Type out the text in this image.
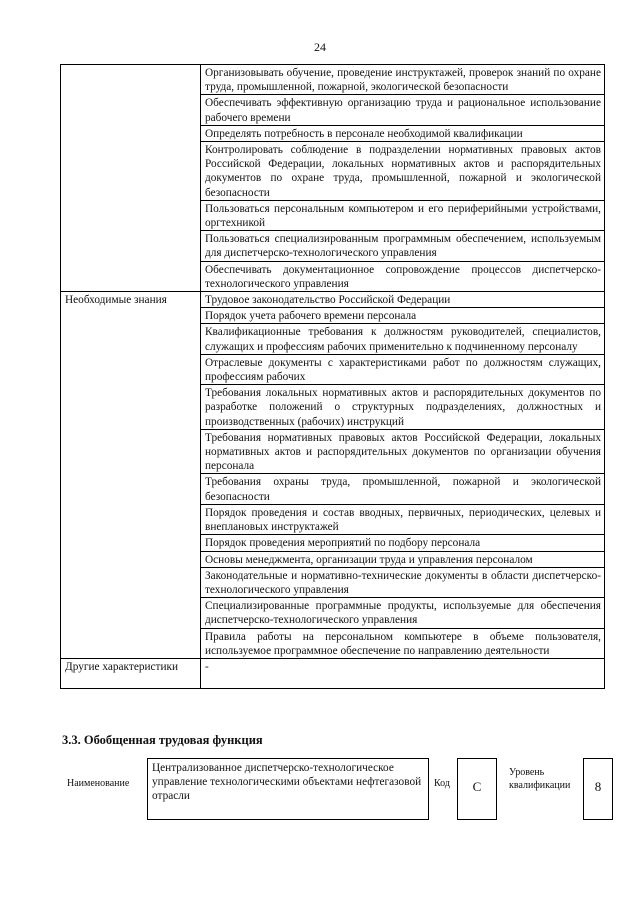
24
	Организовывать обучение, проведение инструктажей, проверок знаний по охране труда, промышленной, пожарной, экологической безопасности
	Обеспечивать эффективную организацию труда и рациональное использование рабочего времени
	Определять потребность в персонале необходимой квалификации
	Контролировать соблюдение в подразделении нормативных правовых актов Российской Федерации, локальных нормативных актов и распорядительных документов по охране труда, промышленной, пожарной и экологической безопасности
	Пользоваться персональным компьютером и его периферийными устройствами, оргтехникой
	Пользоваться специализированным программным обеспечением, используемым для диспетчерско-технологического управления
	Обеспечивать документационное сопровождение процессов диспетчерско-технологического управления
Необходимые знания	Трудовое законодательство Российской Федерации
	Порядок учета рабочего времени персонала
	Квалификационные требования к должностям руководителей, специалистов, служащих и профессиям рабочих применительно к подчиненному персоналу
	Отраслевые документы с характеристиками работ по должностям служащих, профессиям рабочих
	Требования локальных нормативных актов и распорядительных документов по разработке положений о структурных подразделениях, должностных и производственных (рабочих) инструкций
	Требования нормативных правовых актов Российской Федерации, локальных нормативных актов и распорядительных документов по организации обучения персонала
	Требования охраны труда, промышленной, пожарной и экологической безопасности
	Порядок проведения и состав вводных, первичных, периодических, целевых и внеплановых инструктажей
	Порядок проведения мероприятий по подбору персонала
	Основы менеджмента, организации труда и управления персоналом
	Законодательные и нормативно-технические документы в области диспетчерско-технологического управления
	Специализированные программные продукты, используемые для обеспечения диспетчерско-технологического управления
	Правила работы на персональном компьютере в объеме пользователя, используемое программное обеспечение по направлению деятельности
Другие характеристики	-
3.3. Обобщенная трудовая функция
Наименование
Централизованное диспетчерско-технологическое управление технологическими объектами нефтегазовой отрасли
Код	C
Уровень квалификации	8
